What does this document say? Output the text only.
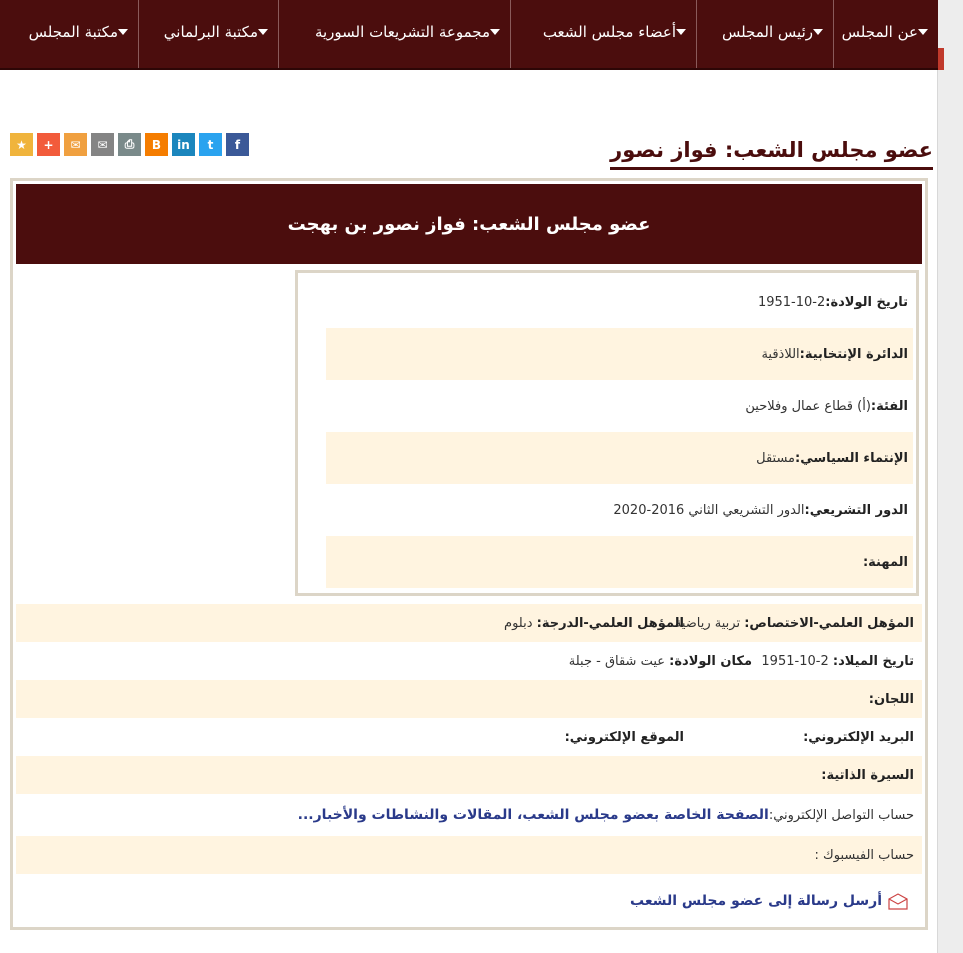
عن المجلس
رئيس المجلس
أعضاء مجلس الشعب
مجموعة التشريعات السورية
مكتبة البرلماني
مكتبة المجلس
★	+	✉	✉	⎙	B	in	t	f	عضو مجلس الشعب: فواز نصور
عضو مجلس الشعب: فواز نصور بن بهجت
تاريخ الولادة:
1951-10-2
الدائرة الإنتخابية:
اللاذقية
الفئة:
(أ) قطاع عمال وفلاحين
الإنتماء السياسي:
مستقل
الدور التشريعي:
الدور التشريعي الثاني 2016-2020
المهنة:
المؤهل العلمي-الاختصاص: تربية رياضية
المؤهل العلمي-الدرجة: دبلوم
تاريخ الميلاد: 2-10-1951
مكان الولادة: عيت شقاق - جبلة
اللجان:
البريد الإلكتروني:
الموقع الإلكتروني:
السيرة الذاتية:
حساب التواصل الإلكتروني:
الصفحة الخاصة بعضو مجلس الشعب، المقالات والنشاطات والأخبار...
حساب الفيسبوك :
أرسل رسالة إلى عضو مجلس الشعب
